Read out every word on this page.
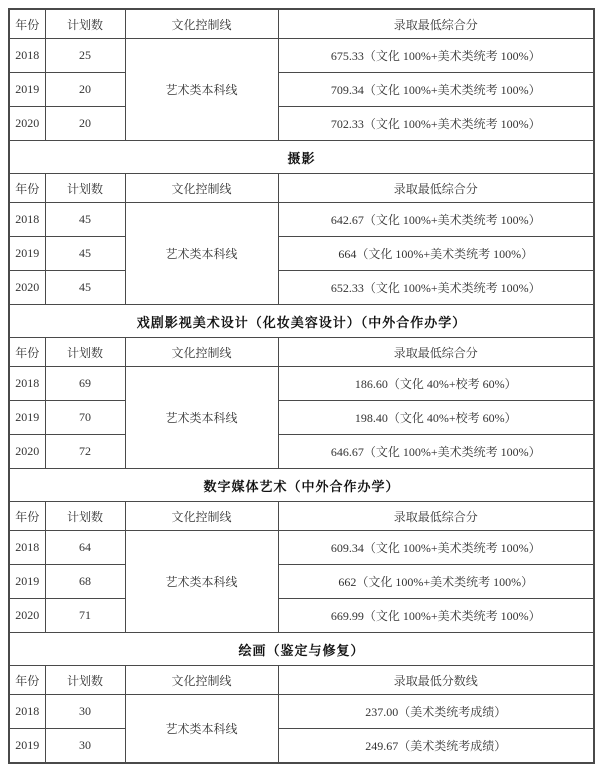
年份	计划数	文化控制线	录取最低综合分
2018	25	艺术类本科线	675.33（文化 100%+美术类统考 100%）
2019	20		709.34（文化 100%+美术类统考 100%）
2020	20		702.33（文化 100%+美术类统考 100%）
摄影			
年份	计划数	文化控制线	录取最低综合分
2018	45	艺术类本科线	642.67（文化 100%+美术类统考 100%）
2019	45		664（文化 100%+美术类统考 100%）
2020	45		652.33（文化 100%+美术类统考 100%）
戏剧影视美术设计（化妆美容设计）（中外合作办学）			
年份	计划数	文化控制线	录取最低综合分
2018	69	艺术类本科线	186.60（文化 40%+校考 60%）
2019	70		198.40（文化 40%+校考 60%）
2020	72		646.67（文化 100%+美术类统考 100%）
数字媒体艺术（中外合作办学）			
年份	计划数	文化控制线	录取最低综合分
2018	64	艺术类本科线	609.34（文化 100%+美术类统考 100%）
2019	68		662（文化 100%+美术类统考 100%）
2020	71		669.99（文化 100%+美术类统考 100%）
绘画（鉴定与修复）			
年份	计划数	文化控制线	录取最低分数线
2018	30	艺术类本科线	237.00（美术类统考成绩）
2019	30		249.67（美术类统考成绩）
